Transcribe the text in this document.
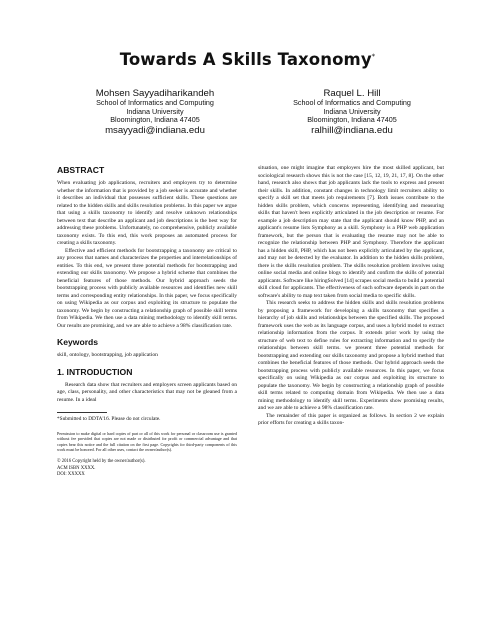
Towards A Skills Taxonomy*
Mohsen Sayyadiharikandeh
School of Informatics and Computing
Indiana University
Bloomington, Indiana 47405
msayyadi@indiana.edu
Raquel L. Hill
School of Informatics and Computing
Indiana University
Bloomington, Indiana 47405
ralhill@indiana.edu
ABSTRACT

When evaluating job applications, recruiters and employers try to determine whether the information that is provided by a job seeker is accurate and whether it describes an individual that possesses sufficient skills. These questions are related to the hidden skills and skills resolution problems. In this paper we argue that using a skills taxonomy to identify and resolve unknown relationships between text that describe an applicant and job descriptions is the best way for addressing these problems. Unfortunately, no comprehensive, publicly available taxonomy exists. To this end, this work proposes an automated process for creating a skills taxonomy.

Effective and efficient methods for bootstrapping a taxonomy are critical to any process that names and characterizes the properties and interrelationships of entities. To this end, we present three potential methods for bootstrapping and extending our skills taxonomy. We propose a hybrid scheme that combines the beneficial features of those methods. Our hybrid approach seeds the bootstrapping process with publicly available resources and identifies new skill terms and corresponding entity relationships. In this paper, we focus specifically on using Wikipedia as our corpus and exploiting its structure to populate the taxonomy. We begin by constructing a relationship graph of possible skill terms from Wikipedia. We then use a data mining methodology to identify skill terms. Our results are promising, and we are able to achieve a 98% classification rate.

Keywords

skill, ontology, bootstrapping, job application

1. INTRODUCTION

Research data show that recruiters and employers screen applicants based on age, class, personality, and other characteristics that may not be gleaned from a resume. In a ideal

*Submitted to DDTA'16. Please do not circulate.

Permission to make digital or hard copies of part or all of this work for personal or classroom use is granted without fee provided that copies are not made or distributed for profit or commercial advantage and that copies bear this notice and the full citation on the first page. Copyrights for third-party components of this work must be honored. For all other uses, contact the owner/author(s).

© 2016 Copyright held by the owner/author(s).
ACM ISBN XXXX.
DOI: XXXXX

situation, one might imagine that employers hire the most skilled applicant, but sociological research shows this is not the case [15, 12, 19, 21, 17, 8]. On the other hand, research also shows that job applicants lack the tools to express and present their skills. In addition, constant changes in technology limit recruiters ability to specify a skill set that meets job requirements [7]. Both issues contribute to the hidden skills problem, which concerns representing, identifying and measuring skills that haven't been explicitly articulated in the job description or resume. For example a job description may state that the applicant should know PHP, and an applicant's resume lists Symphony as a skill. Symphony is a PHP web application framework, but the person that is evaluating the resume may not be able to recognize the relationship between PHP and Symphony. Therefore the applicant has a hidden skill, PHP, which has not been explicitly articulated by the applicant, and may not be detected by the evaluator. In addition to the hidden skills problem, there is the skills resolution problem. The skills resolution problem involves using online social media and online blogs to identify and confirm the skills of potential applicants. Software like hiringSolved [14] scrapes social media to build a potential skill cloud for applicants. The effectiveness of such software depends in part on the software's ability to map text taken from social media to specific skills.

This research seeks to address the hidden skills and skills resolution problems by proposing a framework for developing a skills taxonomy that specifies a hierarchy of job skills and relationships between the specified skills. The proposed framework uses the web as its language corpus, and uses a hybrid model to extract relationship information from the corpus. It extends prior work by using the structure of web text to define rules for extracting information and to specify the relationships between skill terms. we present three potential methods for bootstrapping and extending our skills taxonomy and propose a hybrid method that combines the beneficial features of those methods. Our hybrid approach seeds the bootstrapping process with publicly available resources. In this paper, we focus specifically on using Wikipedia as our corpus and exploiting its structure to populate the taxonomy. We begin by constructing a relationship graph of possible skill terms related to computing domain from Wikipedia. We then use a data mining methodology to identify skill terms. Experiments show promising results, and we are able to achieve a 98% classification rate.

The remainder of this paper is organized as follows. In section 2 we explain prior efforts for creating a skills taxon-
